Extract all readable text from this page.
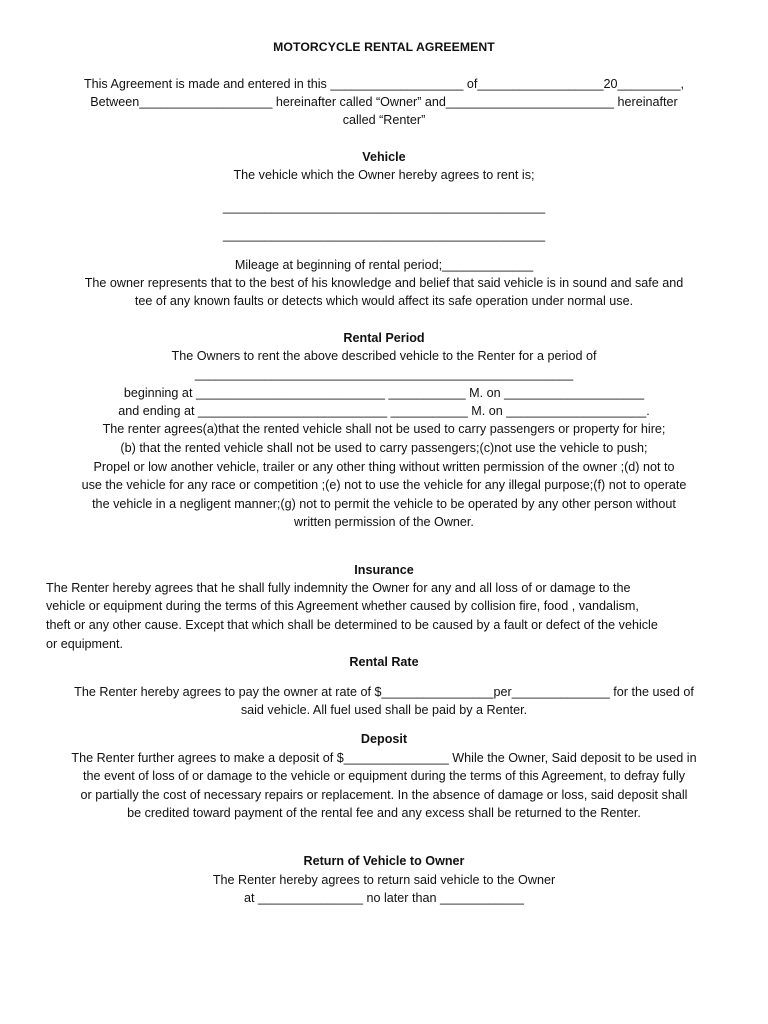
MOTORCYCLE RENTAL AGREEMENT
This Agreement is made and entered in this ___________________ of__________________20_________,
Between___________________ hereinafter called “Owner” and________________________ hereinafter
called “Renter”
Vehicle
The vehicle which the Owner hereby agrees to rent is;
______________________________________________
______________________________________________
Mileage at beginning of rental period;_____________
The owner represents that to the best of his knowledge and belief that said vehicle is in sound and safe and
tee of any known faults or detects which would affect its safe operation under normal use.
Rental Period
The Owners to rent the above described vehicle to the Renter for a period of
______________________________________________________
beginning at ___________________________ ___________ M. on ____________________
and ending at ___________________________ ___________ M. on ____________________.
The renter agrees(a)that the rented vehicle shall not be used to carry passengers or property for hire;
(b) that the rented vehicle shall not be used to carry passengers;(c)not use the vehicle to push;
Propel or low another vehicle, trailer or any other thing without written permission of the owner ;(d) not to
use the vehicle for any race or competition ;(e) not to use the vehicle for any illegal purpose;(f) not to operate
the vehicle in a negligent manner;(g) not to permit the vehicle to be operated by any other person without
written permission of the Owner.
Insurance
The Renter hereby agrees that he shall fully indemnity the Owner for any and all loss of or damage to the
vehicle or equipment during the terms of this Agreement whether caused by collision fire, food , vandalism,
theft or any other cause. Except that which shall be determined to be caused by a fault or defect of the vehicle
or equipment.
Rental Rate
The Renter hereby agrees to pay the owner at rate of $________________per______________ for the used of
said vehicle. All fuel used shall be paid by a Renter.
Deposit
The Renter further agrees to make a deposit of $_______________ While the Owner, Said deposit to be used in
the event of loss of or damage to the vehicle or equipment during the terms of this Agreement, to defray fully
or partially the cost of necessary repairs or replacement. In the absence of damage or loss, said deposit shall
be credited toward payment of the rental fee and any excess shall be returned to the Renter.
Return of Vehicle to Owner
The Renter hereby agrees to return said vehicle to the Owner
at _______________ no later than ____________
